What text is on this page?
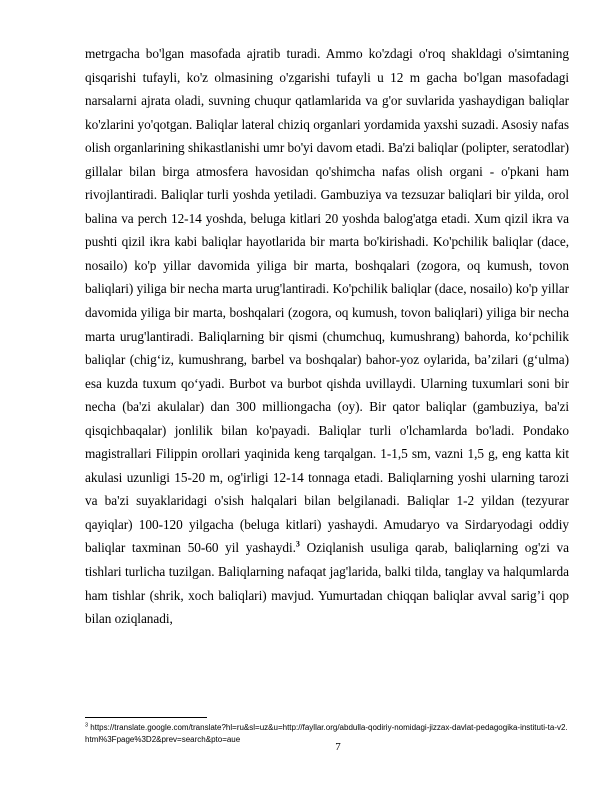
metrgacha bo'lgan masofada ajratib turadi. Ammo ko'zdagi o'roq shakldagi o'simtaning qisqarishi tufayli, ko'z olmasining o'zgarishi tufayli u 12 m gacha bo'lgan masofadagi narsalarni ajrata oladi, suvning chuqur qatlamlarida va g'or suvlarida yashaydigan baliqlar ko'zlarini yo'qotgan. Baliqlar lateral chiziq organlari yordamida yaxshi suzadi. Asosiy nafas olish organlarining shikastlanishi umr bo'yi davom etadi. Ba'zi baliqlar (polipter, seratodlar) gillalar bilan birga atmosfera havosidan qo'shimcha nafas olish organi - o'pkani ham rivojlantiradi. Baliqlar turli yoshda yetiladi. Gambuziya va tezsuzar baliqlari bir yilda, orol balina va perch 12-14 yoshda, beluga kitlari 20 yoshda balog'atga etadi. Xum qizil ikra va pushti qizil ikra kabi baliqlar hayotlarida bir marta bo'kirishadi. Ko'pchilik baliqlar (dace, nosailo) ko'p yillar davomida yiliga bir marta, boshqalari (zogora, oq kumush, tovon baliqlari) yiliga bir necha marta urug'lantiradi. Ko'pchilik baliqlar (dace, nosailo) ko'p yillar davomida yiliga bir marta, boshqalari (zogora, oq kumush, tovon baliqlari) yiliga bir necha marta urug'lantiradi. Baliqlarning bir qismi (chumchuq, kumushrang) bahorda, ko‘pchilik baliqlar (chig‘iz, kumushrang, barbel va boshqalar) bahor-yoz oylarida, baʼzilari (g‘ulma) esa kuzda tuxum qo‘yadi. Burbot va burbot qishda uvillaydi. Ularning tuxumlari soni bir necha (ba'zi akulalar) dan 300 milliongacha (oy). Bir qator baliqlar (gambuziya, ba'zi qisqichbaqalar) jonlilik bilan ko'payadi. Baliqlar turli o'lchamlarda bo'ladi. Pondako magistrallari Filippin orollari yaqinida keng tarqalgan. 1-1,5 sm, vazni 1,5 g, eng katta kit akulasi uzunligi 15-20 m, og'irligi 12-14 tonnaga etadi. Baliqlarning yoshi ularning tarozi va ba'zi suyaklaridagi o'sish halqalari bilan belgilanadi. Baliqlar 1-2 yildan (tezyurar qayiqlar) 100-120 yilgacha (beluga kitlari) yashaydi. Amudaryo va Sirdaryodagi oddiy baliqlar taxminan 50-60 yil yashaydi.$^3$ Oziqlanish usuliga qarab, baliqlarning og'zi va tishlari turlicha tuzilgan. Baliqlarning nafaqat jag'larida, balki tilda, tanglay va halqumlarda ham tishlar (shrik, xoch baliqlari) mavjud. Yumurtadan chiqqan baliqlar avval sarig’i qop bilan oziqlanadi,

$^3$ https://translate.google.com/translate?hl=ru&sl=uz&u=http://fayllar.org/abdulla-qodiriy-nomidagi-jizzax-davlat-pedagogika-instituti-ta-v2.html%3Fpage%3D2&prev=search&pto=aue
7
